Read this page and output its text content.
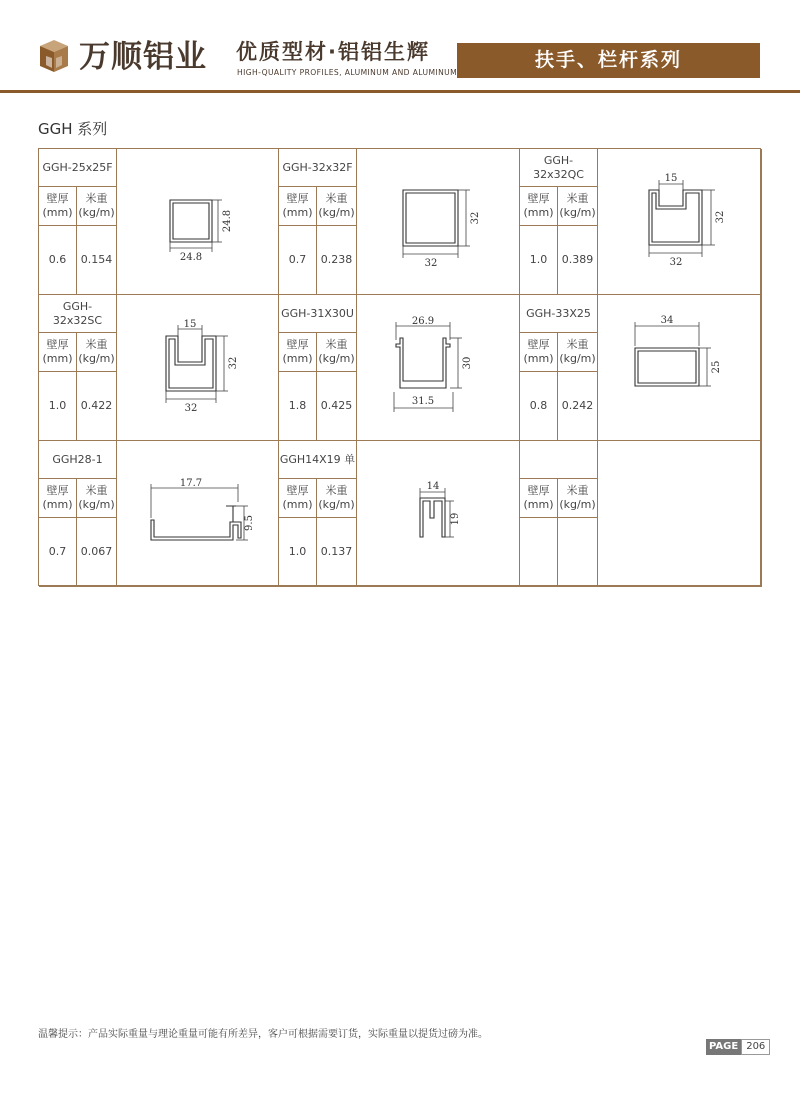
万顺铝业 优质型材·铝铝生辉
HIGH-QUALITY PROFILES, ALUMINUM AND ALUMINUM
扶手、栏杆系列
GGH 系列
GGH-25x25F
壁厚
(mm)
米重
(kg/m)
0.6	0.154
24.8
24.8
GGH-32x32F
壁厚
(mm)
米重
(kg/m)
0.7	0.238
32
32
GGH-32x32QC
壁厚
(mm)
米重
(kg/m)
1.0	0.389
15
32
32
GGH-32x32SC
壁厚
(mm)
米重
(kg/m)
1.0	0.422
15
32
32
GGH-31X30U
壁厚
(mm)
米重
(kg/m)
1.8	0.425
26.9
30
31.5
GGH-33X25
壁厚
(mm)
米重
(kg/m)
0.8	0.242
34
25
GGH28-1
壁厚
(mm)
米重
(kg/m)
0.7	0.067
17.7
9.5
GGH14X19 单
壁厚
(mm)
米重
(kg/m)
1.0	0.137
14
19
壁厚
(mm)
米重
(kg/m)
温馨提示：产品实际重量与理论重量可能有所差异，客户可根据需要订货，实际重量以提货过磅为准。
PAGE 206
